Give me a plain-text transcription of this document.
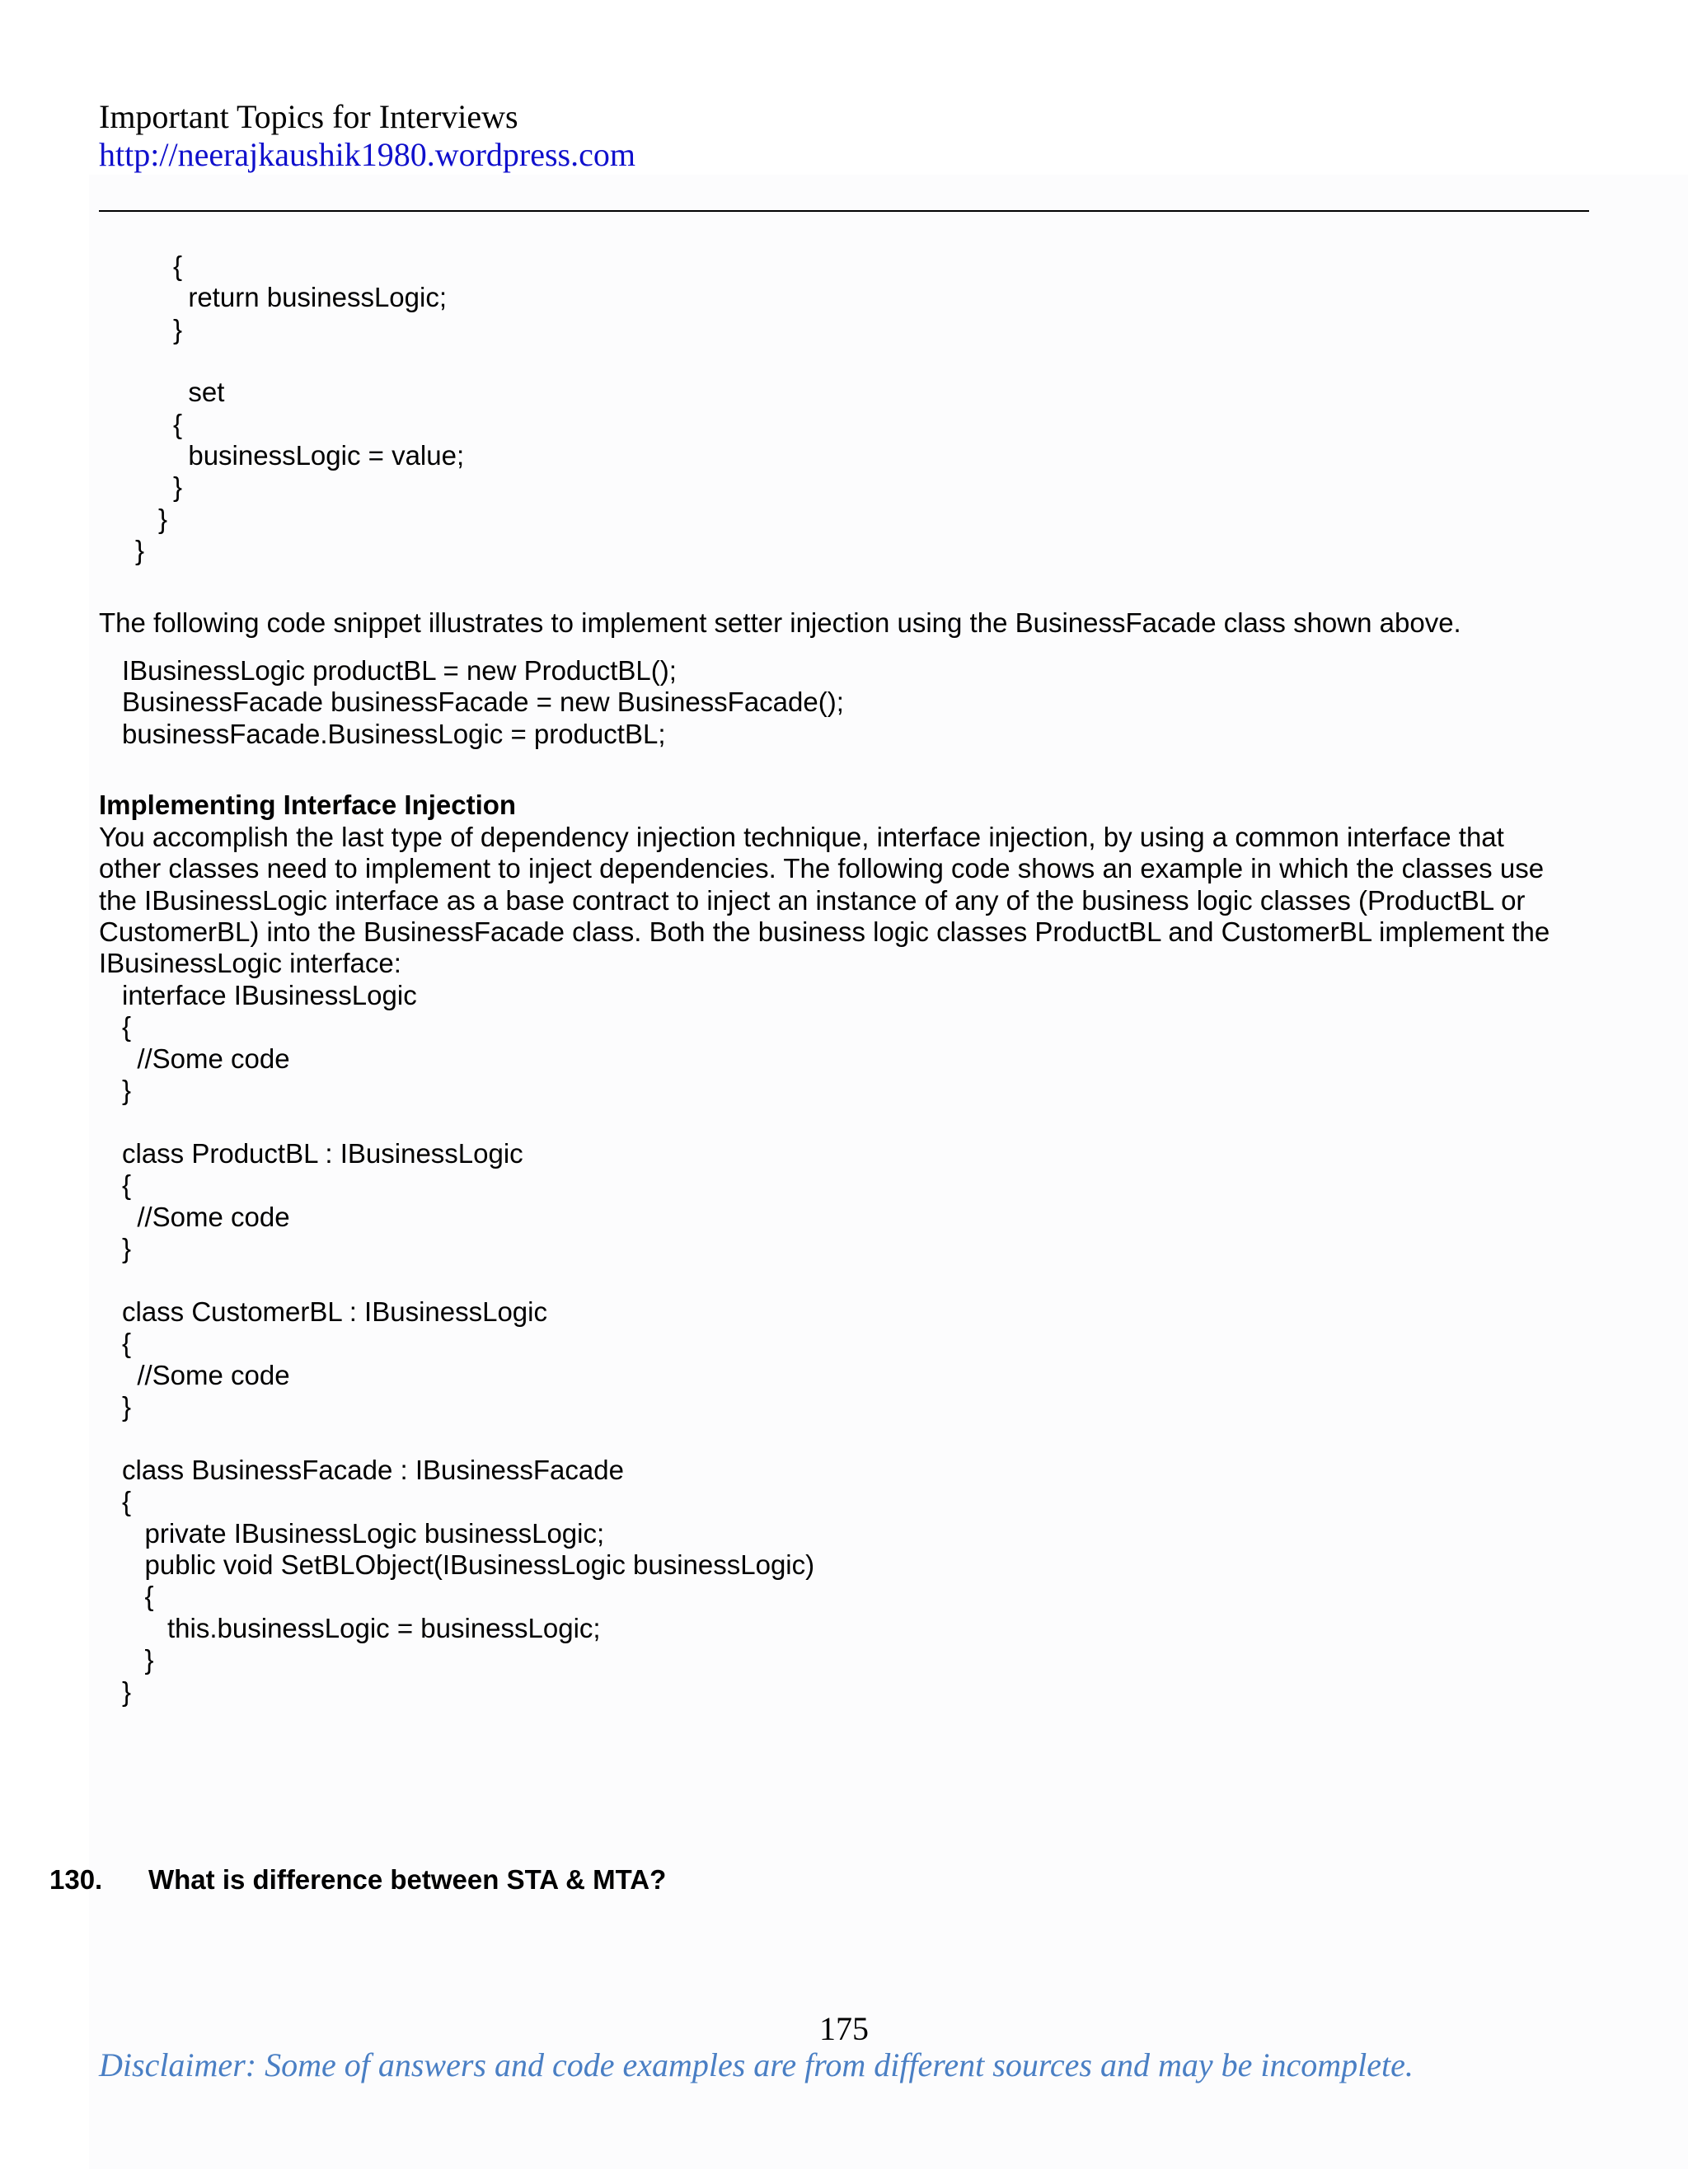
Important Topics for Interviews
http://neerajkaushik1980.wordpress.com
{
return businessLogic;
}
set
{
businessLogic = value;
}
}
}
The following code snippet illustrates to implement setter injection using the BusinessFacade class shown above.
IBusinessLogic productBL = new ProductBL();
BusinessFacade businessFacade = new BusinessFacade();
businessFacade.BusinessLogic = productBL;
Implementing Interface Injection
You accomplish the last type of dependency injection technique, interface injection, by using a common interface that
other classes need to implement to inject dependencies. The following code shows an example in which the classes use
the IBusinessLogic interface as a base contract to inject an instance of any of the business logic classes (ProductBL or
CustomerBL) into the BusinessFacade class. Both the business logic classes ProductBL and CustomerBL implement the
IBusinessLogic interface:
interface IBusinessLogic
{
//Some code
}
class ProductBL : IBusinessLogic
{
//Some code
}
class CustomerBL : IBusinessLogic
{
//Some code
}
class BusinessFacade : IBusinessFacade
{
private IBusinessLogic businessLogic;
public void SetBLObject(IBusinessLogic businessLogic)
{
this.businessLogic = businessLogic;
}
}
130. What is difference between STA & MTA?
175
Disclaimer: Some of answers and code examples are from different sources and may be incomplete.
